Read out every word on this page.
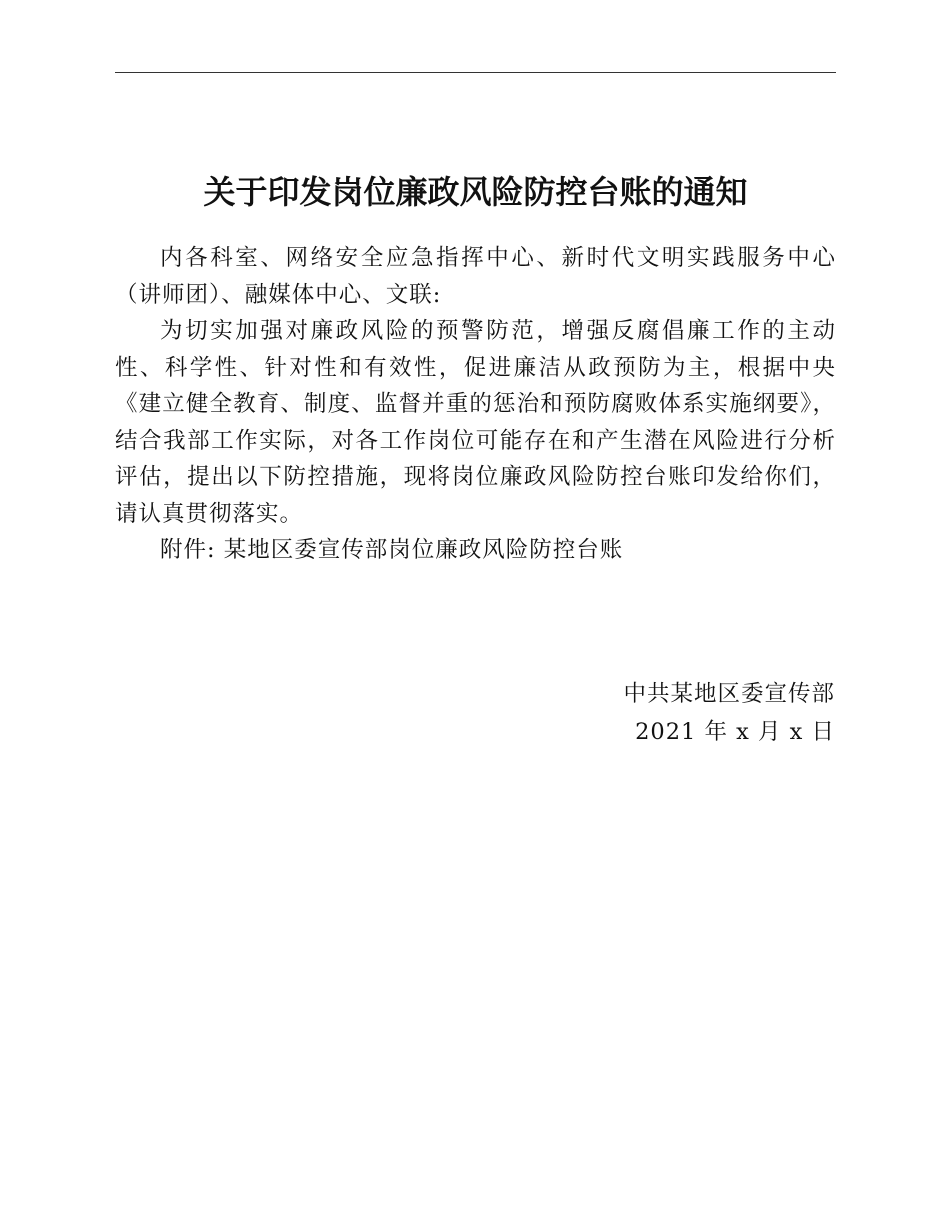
关于印发岗位廉政风险防控台账的通知

内各科室、网络安全应急指挥中心、新时代文明实践服务中心（讲师团）、融媒体中心、文联:

为切实加强对廉政风险的预警防范，增强反腐倡廉工作的主动性、科学性、针对性和有效性，促进廉洁从政预防为主，根据中央《建立健全教育、制度、监督并重的惩治和预防腐败体系实施纲要》，结合我部工作实际，对各工作岗位可能存在和产生潜在风险进行分析评估，提出以下防控措施，现将岗位廉政风险防控台账印发给你们，请认真贯彻落实。

附件: 某地区委宣传部岗位廉政风险防控台账

中共某地区委宣传部
2021 年 x 月 x 日
